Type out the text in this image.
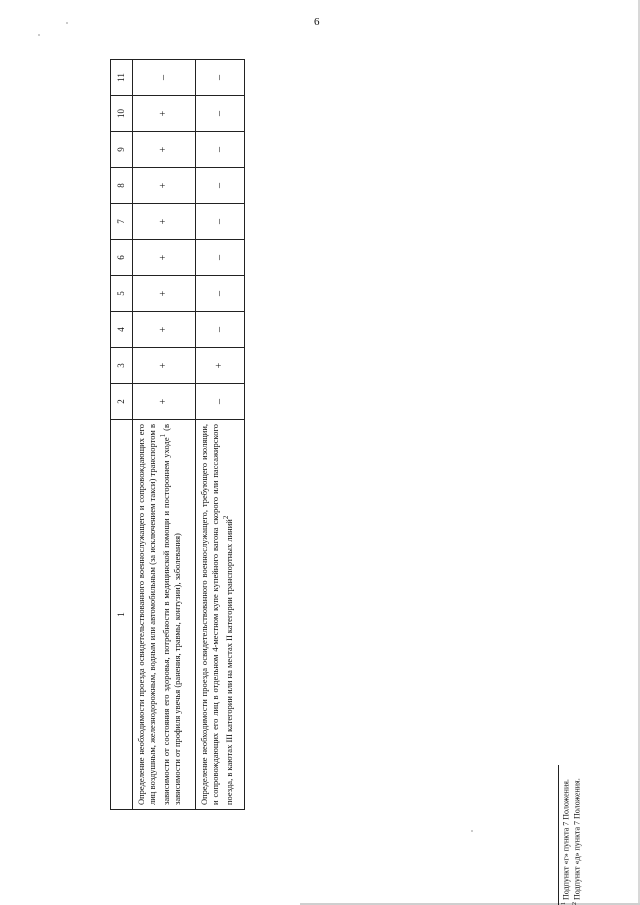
6
1	2	3	4	5	6	7	8	9	10	11
Определение необходимости проезда освидетельствованного военнослужащего и сопровождающих его лиц воздушным, железнодорожным, водным или автомобильным (за исключением такси) транспортом в зависимости от состояния его здоровья, потребности в медицинской помощи и постороннем уходе$^1$ (в зависимости от профиля увечья (ранения, травмы, контузии), заболевания)	+	+	+	+	+	+	+	+	+	–
Определение необходимости проезда освидетельствованного военнослужащего, требующего изоляции, и сопровождающих его лиц в отдельном 4-местном купе купейного вагона скорого или пассажирского поезда, в каютах III категории или на местах II категории транспортных линий$^2$	–	+	–	–	–	–	–	–	–	–
$^1$ Подпункт «г» пункта 7 Положения.
$^2$ Подпункт «д» пункта 7 Положения.
